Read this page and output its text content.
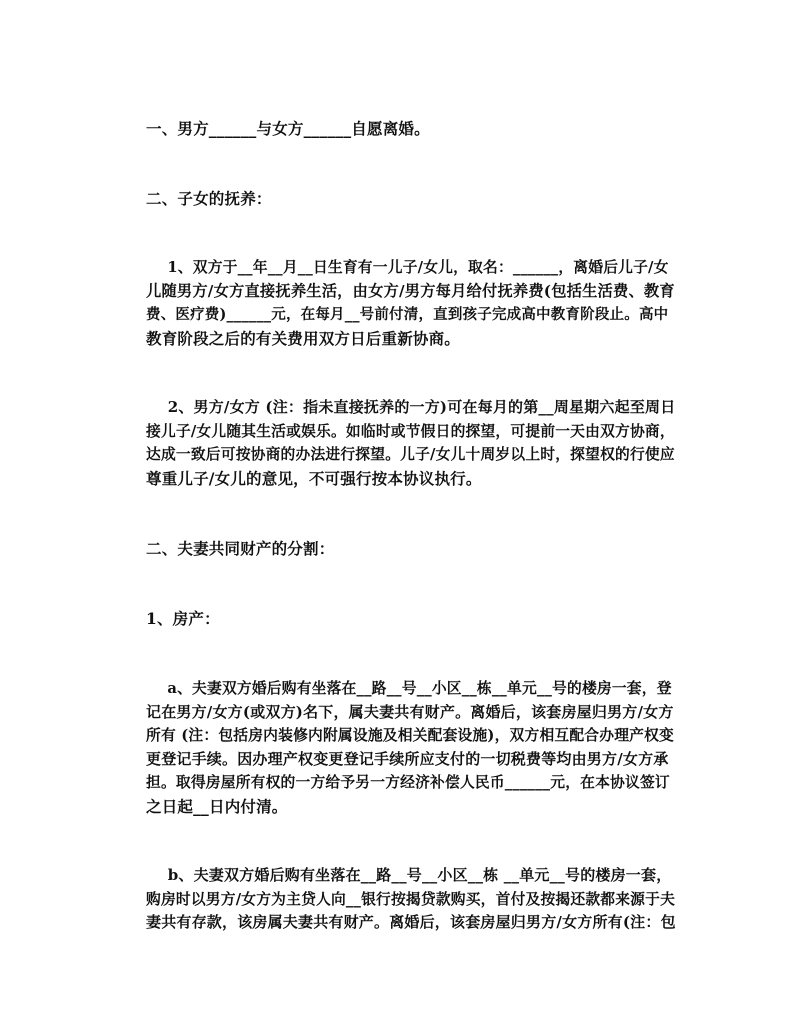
一、男方______与女方______自愿离婚。
二、子女的抚养：
1、双方于__年__月__日生育有一儿子/女儿，取名：______，离婚后儿子/女
儿随男方/女方直接抚养生活，由女方/男方每月给付抚养费(包括生活费、教育
费、医疗费)______元，在每月__号前付清，直到孩子完成高中教育阶段止。高中
教育阶段之后的有关费用双方日后重新协商。
2、男方/女方 (注：指未直接抚养的一方)可在每月的第__周星期六起至周日
接儿子/女儿随其生活或娱乐。如临时或节假日的探望，可提前一天由双方协商，
达成一致后可按协商的办法进行探望。儿子/女儿十周岁以上时，探望权的行使应
尊重儿子/女儿的意见，不可强行按本协议执行。
二、夫妻共同财产的分割：
1、房产：
a、夫妻双方婚后购有坐落在__路__号__小区__栋__单元__号的楼房一套，登
记在男方/女方(或双方)名下，属夫妻共有财产。离婚后，该套房屋归男方/女方
所有 (注：包括房内装修内附属设施及相关配套设施)，双方相互配合办理产权变
更登记手续。因办理产权变更登记手续所应支付的一切税费等均由男方/女方承
担。取得房屋所有权的一方给予另一方经济补偿人民币______元，在本协议签订
之日起__日内付清。
b、夫妻双方婚后购有坐落在__路__号__小区__栋 __单元__号的楼房一套，
购房时以男方/女方为主贷人向__银行按揭贷款购买，首付及按揭还款都来源于夫
妻共有存款，该房属夫妻共有财产。离婚后，该套房屋归男方/女方所有(注：包
